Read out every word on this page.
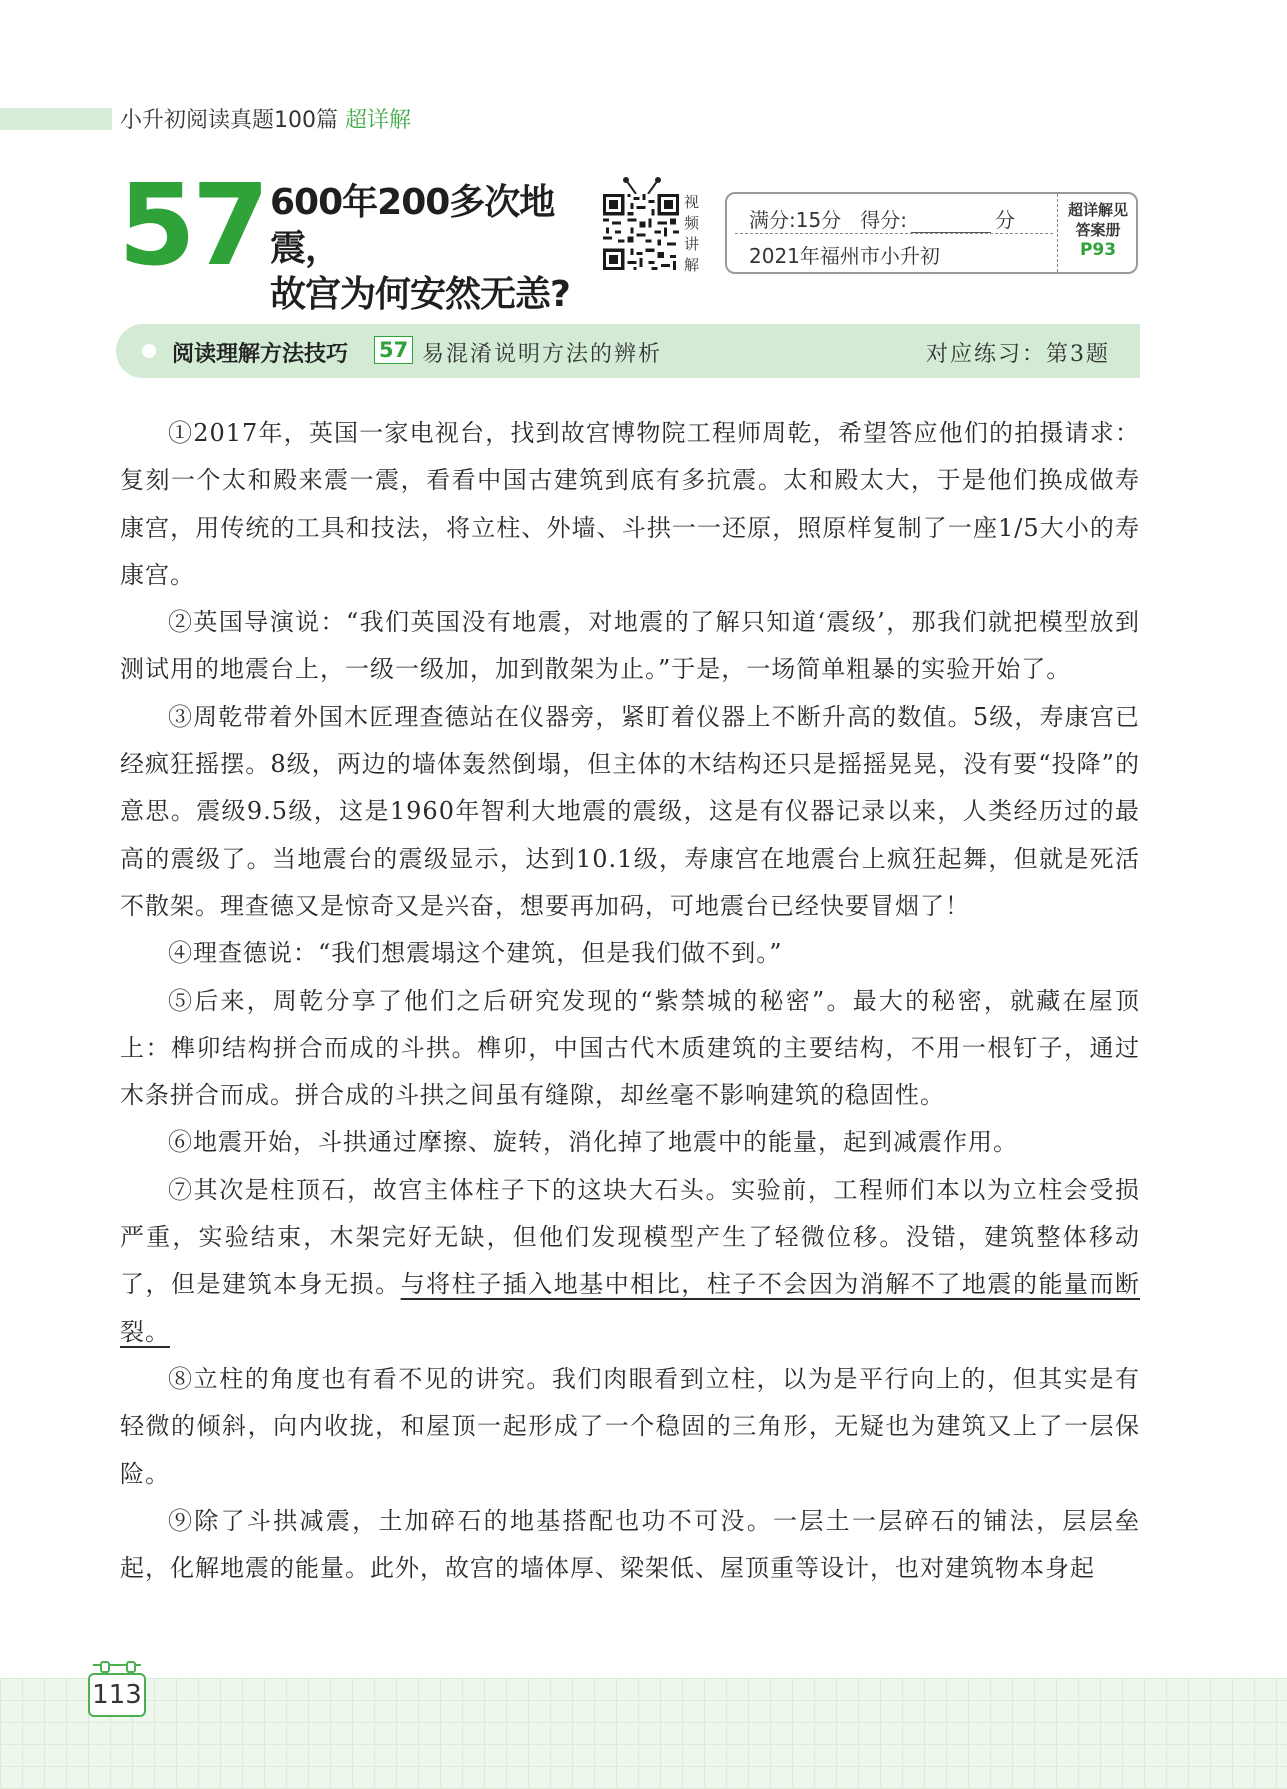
小升初阅读真题100篇 超详解
57 600年200多次地震，
故宫为何安然无恙?
视
频
讲
解
满分:15分 得分:	分
2021年福州市小升初
超详解见
答案册
P93
阅读理解方法技巧 57 易混淆说明方法的辨析	对应练习：第3题

①2017年，英国一家电视台，找到故宫博物院工程师周乾，希望答应他们的拍摄请求：复刻一个太和殿来震一震，看看中国古建筑到底有多抗震。太和殿太大，于是他们换成做寿康宫，用传统的工具和技法，将立柱、外墙、斗拱一一还原，照原样复制了一座1/5大小的寿康宫。

②英国导演说：“我们英国没有地震，对地震的了解只知道‘震级’，那我们就把模型放到测试用的地震台上，一级一级加，加到散架为止。”于是，一场简单粗暴的实验开始了。

③周乾带着外国木匠理查德站在仪器旁，紧盯着仪器上不断升高的数值。5级，寿康宫已经疯狂摇摆。8级，两边的墙体轰然倒塌，但主体的木结构还只是摇摇晃晃，没有要“投降”的意思。震级9.5级，这是1960年智利大地震的震级，这是有仪器记录以来，人类经历过的最高的震级了。当地震台的震级显示，达到10.1级，寿康宫在地震台上疯狂起舞，但就是死活不散架。理查德又是惊奇又是兴奋，想要再加码，可地震台已经快要冒烟了！

④理查德说：“我们想震塌这个建筑，但是我们做不到。”

⑤后来，周乾分享了他们之后研究发现的“紫禁城的秘密”。最大的秘密，就藏在屋顶上：榫卯结构拼合而成的斗拱。榫卯，中国古代木质建筑的主要结构，不用一根钉子，通过木条拼合而成。拼合成的斗拱之间虽有缝隙，却丝毫不影响建筑的稳固性。

⑥地震开始，斗拱通过摩擦、旋转，消化掉了地震中的能量，起到减震作用。

⑦其次是柱顶石，故宫主体柱子下的这块大石头。实验前，工程师们本以为立柱会受损严重，实验结束，木架完好无缺，但他们发现模型产生了轻微位移。没错，建筑整体移动了，但是建筑本身无损。与将柱子插入地基中相比，柱子不会因为消解不了地震的能量而断裂。

⑧立柱的角度也有看不见的讲究。我们肉眼看到立柱，以为是平行向上的，但其实是有轻微的倾斜，向内收拢，和屋顶一起形成了一个稳固的三角形，无疑也为建筑又上了一层保险。

⑨除了斗拱减震，土加碎石的地基搭配也功不可没。一层土一层碎石的铺法，层层垒起，化解地震的能量。此外，故宫的墙体厚、梁架低、屋顶重等设计，也对建筑物本身起

113
